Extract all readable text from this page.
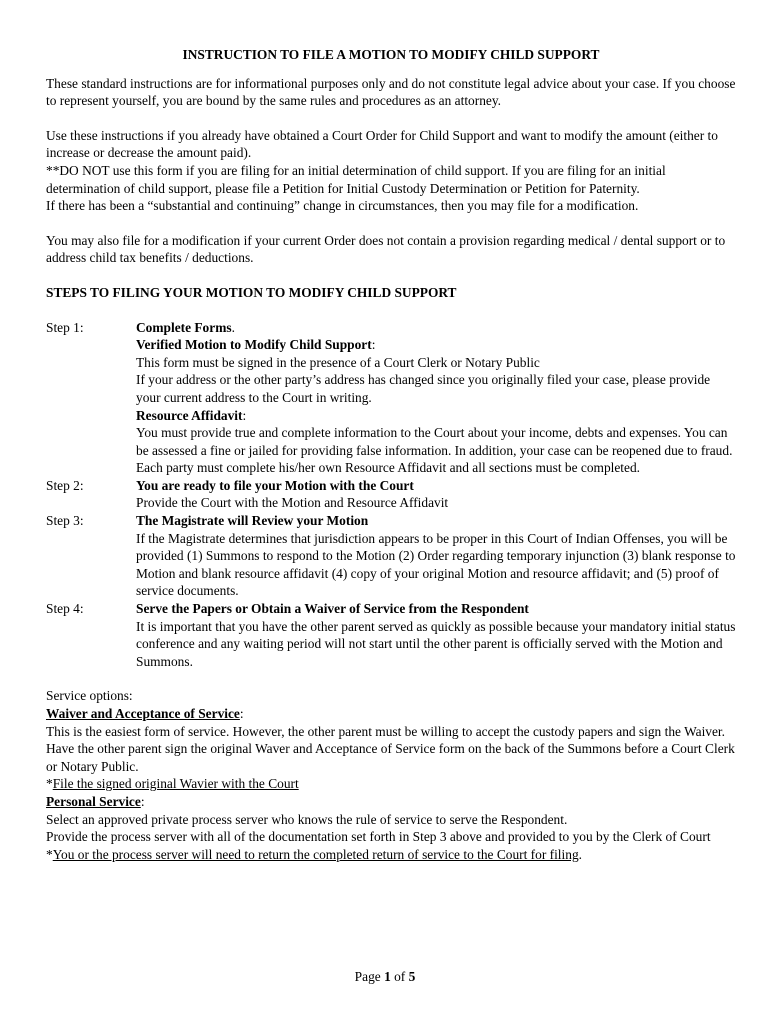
INSTRUCTION TO FILE A MOTION TO MODIFY CHILD SUPPORT

These standard instructions are for informational purposes only and do not constitute legal advice about your case. If you choose to represent yourself, you are bound by the same rules and procedures as an attorney.

Use these instructions if you already have obtained a Court Order for Child Support and want to modify the amount (either to increase or decrease the amount paid).

**DO NOT use this form if you are filing for an initial determination of child support. If you are filing for an initial determination of child support, please file a Petition for Initial Custody Determination or Petition for Paternity.

If there has been a “substantial and continuing” change in circumstances, then you may file for a modification.

You may also file for a modification if your current Order does not contain a provision regarding medical / dental support or to address child tax benefits / deductions.

STEPS TO FILING YOUR MOTION TO MODIFY CHILD SUPPORT

Step 1:	Complete Forms.

Verified Motion to Modify Child Support:

This form must be signed in the presence of a Court Clerk or Notary Public

If your address or the other party’s address has changed since you originally filed your case, please provide your current address to the Court in writing.

Resource Affidavit:

You must provide true and complete information to the Court about your income, debts and expenses. You can be assessed a fine or jailed for providing false information. In addition, your case can be reopened due to fraud.

Each party must complete his/her own Resource Affidavit and all sections must be completed.

Step 2:	You are ready to file your Motion with the Court

Provide the Court with the Motion and Resource Affidavit

Step 3:	The Magistrate will Review your Motion

If the Magistrate determines that jurisdiction appears to be proper in this Court of Indian Offenses, you will be provided (1) Summons to respond to the Motion (2) Order regarding temporary injunction (3) blank response to Motion and blank resource affidavit (4) copy of your original Motion and resource affidavit; and (5) proof of service documents.

Step 4:	Serve the Papers or Obtain a Waiver of Service from the Respondent

It is important that you have the other parent served as quickly as possible because your mandatory initial status conference and any waiting period will not start until the other parent is officially served with the Motion and Summons.

Service options:

Waiver and Acceptance of Service:

This is the easiest form of service. However, the other parent must be willing to accept the custody papers and sign the Waiver. Have the other parent sign the original Waver and Acceptance of Service form on the back of the Summons before a Court Clerk or Notary Public.

*File the signed original Wavier with the Court

Personal Service:

Select an approved private process server who knows the rule of service to serve the Respondent.

Provide the process server with all of the documentation set forth in Step 3 above and provided to you by the Clerk of Court

*You or the process server will need to return the completed return of service to the Court for filing.

Page 1 of 5
